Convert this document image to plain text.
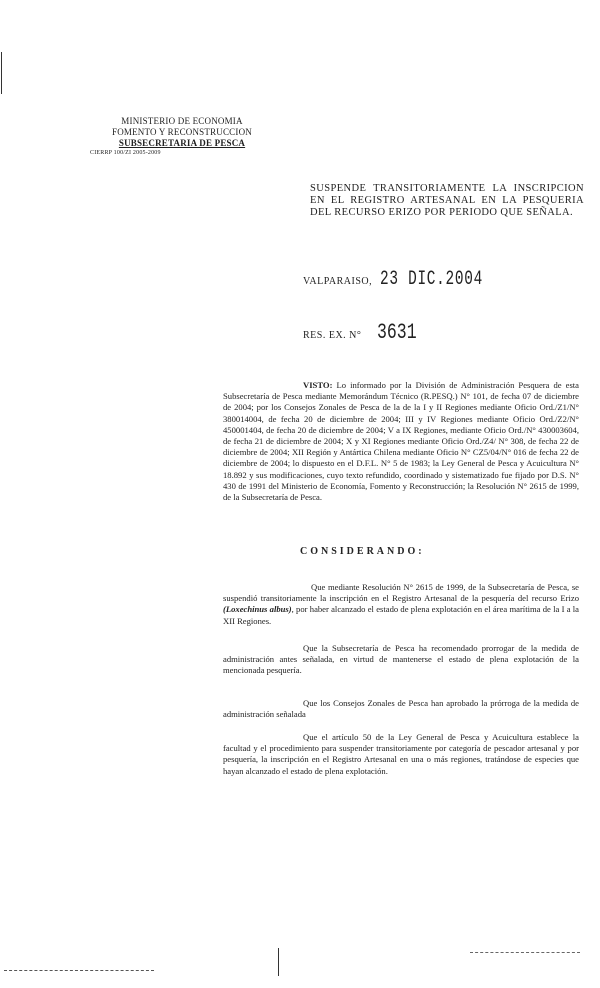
MINISTERIO DE ECONOMIA
FOMENTO Y RECONSTRUCCION
SUBSECRETARIA DE PESCA
CIERRP 100/ZI 2005-2009
SUSPENDE TRANSITORIAMENTE LA INSCRIPCION EN EL REGISTRO ARTESANAL EN LA PESQUERIA DEL RECURSO ERIZO POR PERIODO QUE SEÑALA.
VALPARAISO, 23 DIC.2004
RES. EX. N° 3631
VISTO: Lo informado por la División de Administración Pesquera de esta Subsecretaría de Pesca mediante Memorándum Técnico (R.PESQ.) N° 101, de fecha 07 de diciembre de 2004; por los Consejos Zonales de Pesca de la de la I y II Regiones mediante Oficio Ord./Z1/N° 380014004, de fecha 20 de diciembre de 2004; III y IV Regiones mediante Oficio Ord./Z2/N° 450001404, de fecha 20 de diciembre de 2004; V a IX Regiones, mediante Oficio Ord./N° 430003604, de fecha 21 de diciembre de 2004; X y XI Regiones mediante Oficio Ord./Z4/ N° 308, de fecha 22 de diciembre de 2004; XII Región y Antártica Chilena mediante Oficio N° CZ5/04/N° 016 de fecha 22 de diciembre de 2004; lo dispuesto en el D.F.L. N° 5 de 1983; la Ley General de Pesca y Acuicultura N° 18.892 y sus modificaciones, cuyo texto refundido, coordinado y sistematizado fue fijado por D.S. N° 430 de 1991 del Ministerio de Economía, Fomento y Reconstrucción; la Resolución N° 2615 de 1999, de la Subsecretaría de Pesca.
CONSIDERANDO:
Que mediante Resolución N° 2615 de 1999, de la Subsecretaría de Pesca, se suspendió transitoriamente la inscripción en el Registro Artesanal de la pesquería del recurso Erizo (Loxechinus albus), por haber alcanzado el estado de plena explotación en el área marítima de la I a la XII Regiones.
Que la Subsecretaría de Pesca ha recomendado prorrogar de la medida de administración antes señalada, en virtud de mantenerse el estado de plena explotación de la mencionada pesquería.
Que los Consejos Zonales de Pesca han aprobado la prórroga de la medida de administración señalada
Que el artículo 50 de la Ley General de Pesca y Acuicultura establece la facultad y el procedimiento para suspender transitoriamente por categoría de pescador artesanal y por pesquería, la inscripción en el Registro Artesanal en una o más regiones, tratándose de especies que hayan alcanzado el estado de plena explotación.
